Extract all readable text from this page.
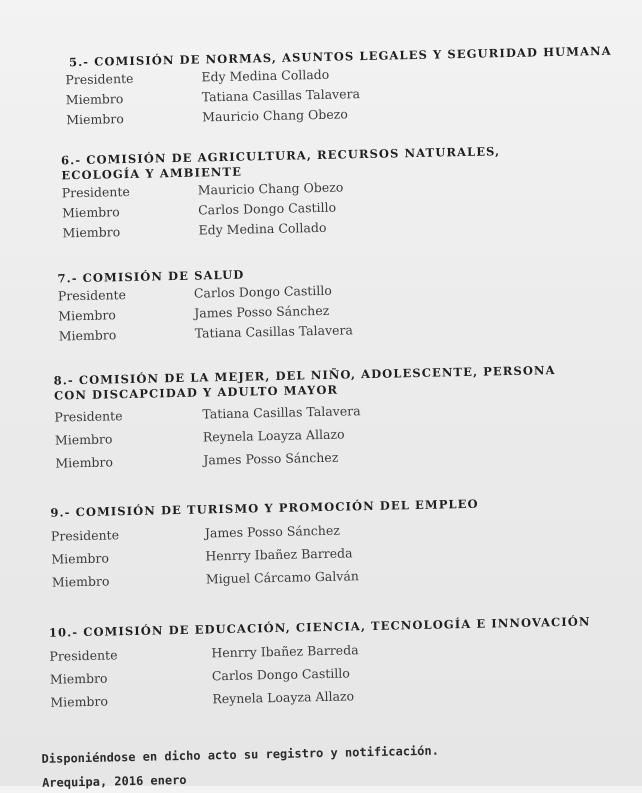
5.- COMISIÓN DE NORMAS, ASUNTOS LEGALES Y SEGURIDAD HUMANA
Presidente	Edy Medina Collado
Miembro	Tatiana Casillas Talavera
Miembro	Mauricio Chang Obezo
6.- COMISIÓN DE AGRICULTURA, RECURSOS NATURALES, ECOLOGÍA Y AMBIENTE
Presidente	Mauricio Chang Obezo
Miembro	Carlos Dongo Castillo
Miembro	Edy Medina Collado
7.- COMISIÓN DE SALUD
Presidente	Carlos Dongo Castillo
Miembro	James Posso Sánchez
Miembro	Tatiana Casillas Talavera
8.- COMISIÓN DE LA MEJER, DEL NIÑO, ADOLESCENTE, PERSONA CON DISCAPCIDAD Y ADULTO MAYOR
Presidente	Tatiana Casillas Talavera
Miembro	Reynela Loayza Allazo
Miembro	James Posso Sánchez
9.- COMISIÓN DE TURISMO Y PROMOCIÓN DEL EMPLEO
Presidente	James Posso Sánchez
Miembro	Henrry Ibañez Barreda
Miembro	Miguel Cárcamo Galván
10.- COMISIÓN DE EDUCACIÓN, CIENCIA, TECNOLOGÍA E INNOVACIÓN
Presidente	Henrry Ibañez Barreda
Miembro	Carlos Dongo Castillo
Miembro	Reynela Loayza Allazo
Disponiéndose en dicho acto su registro y notificación.
Arequipa, 2016 enero
